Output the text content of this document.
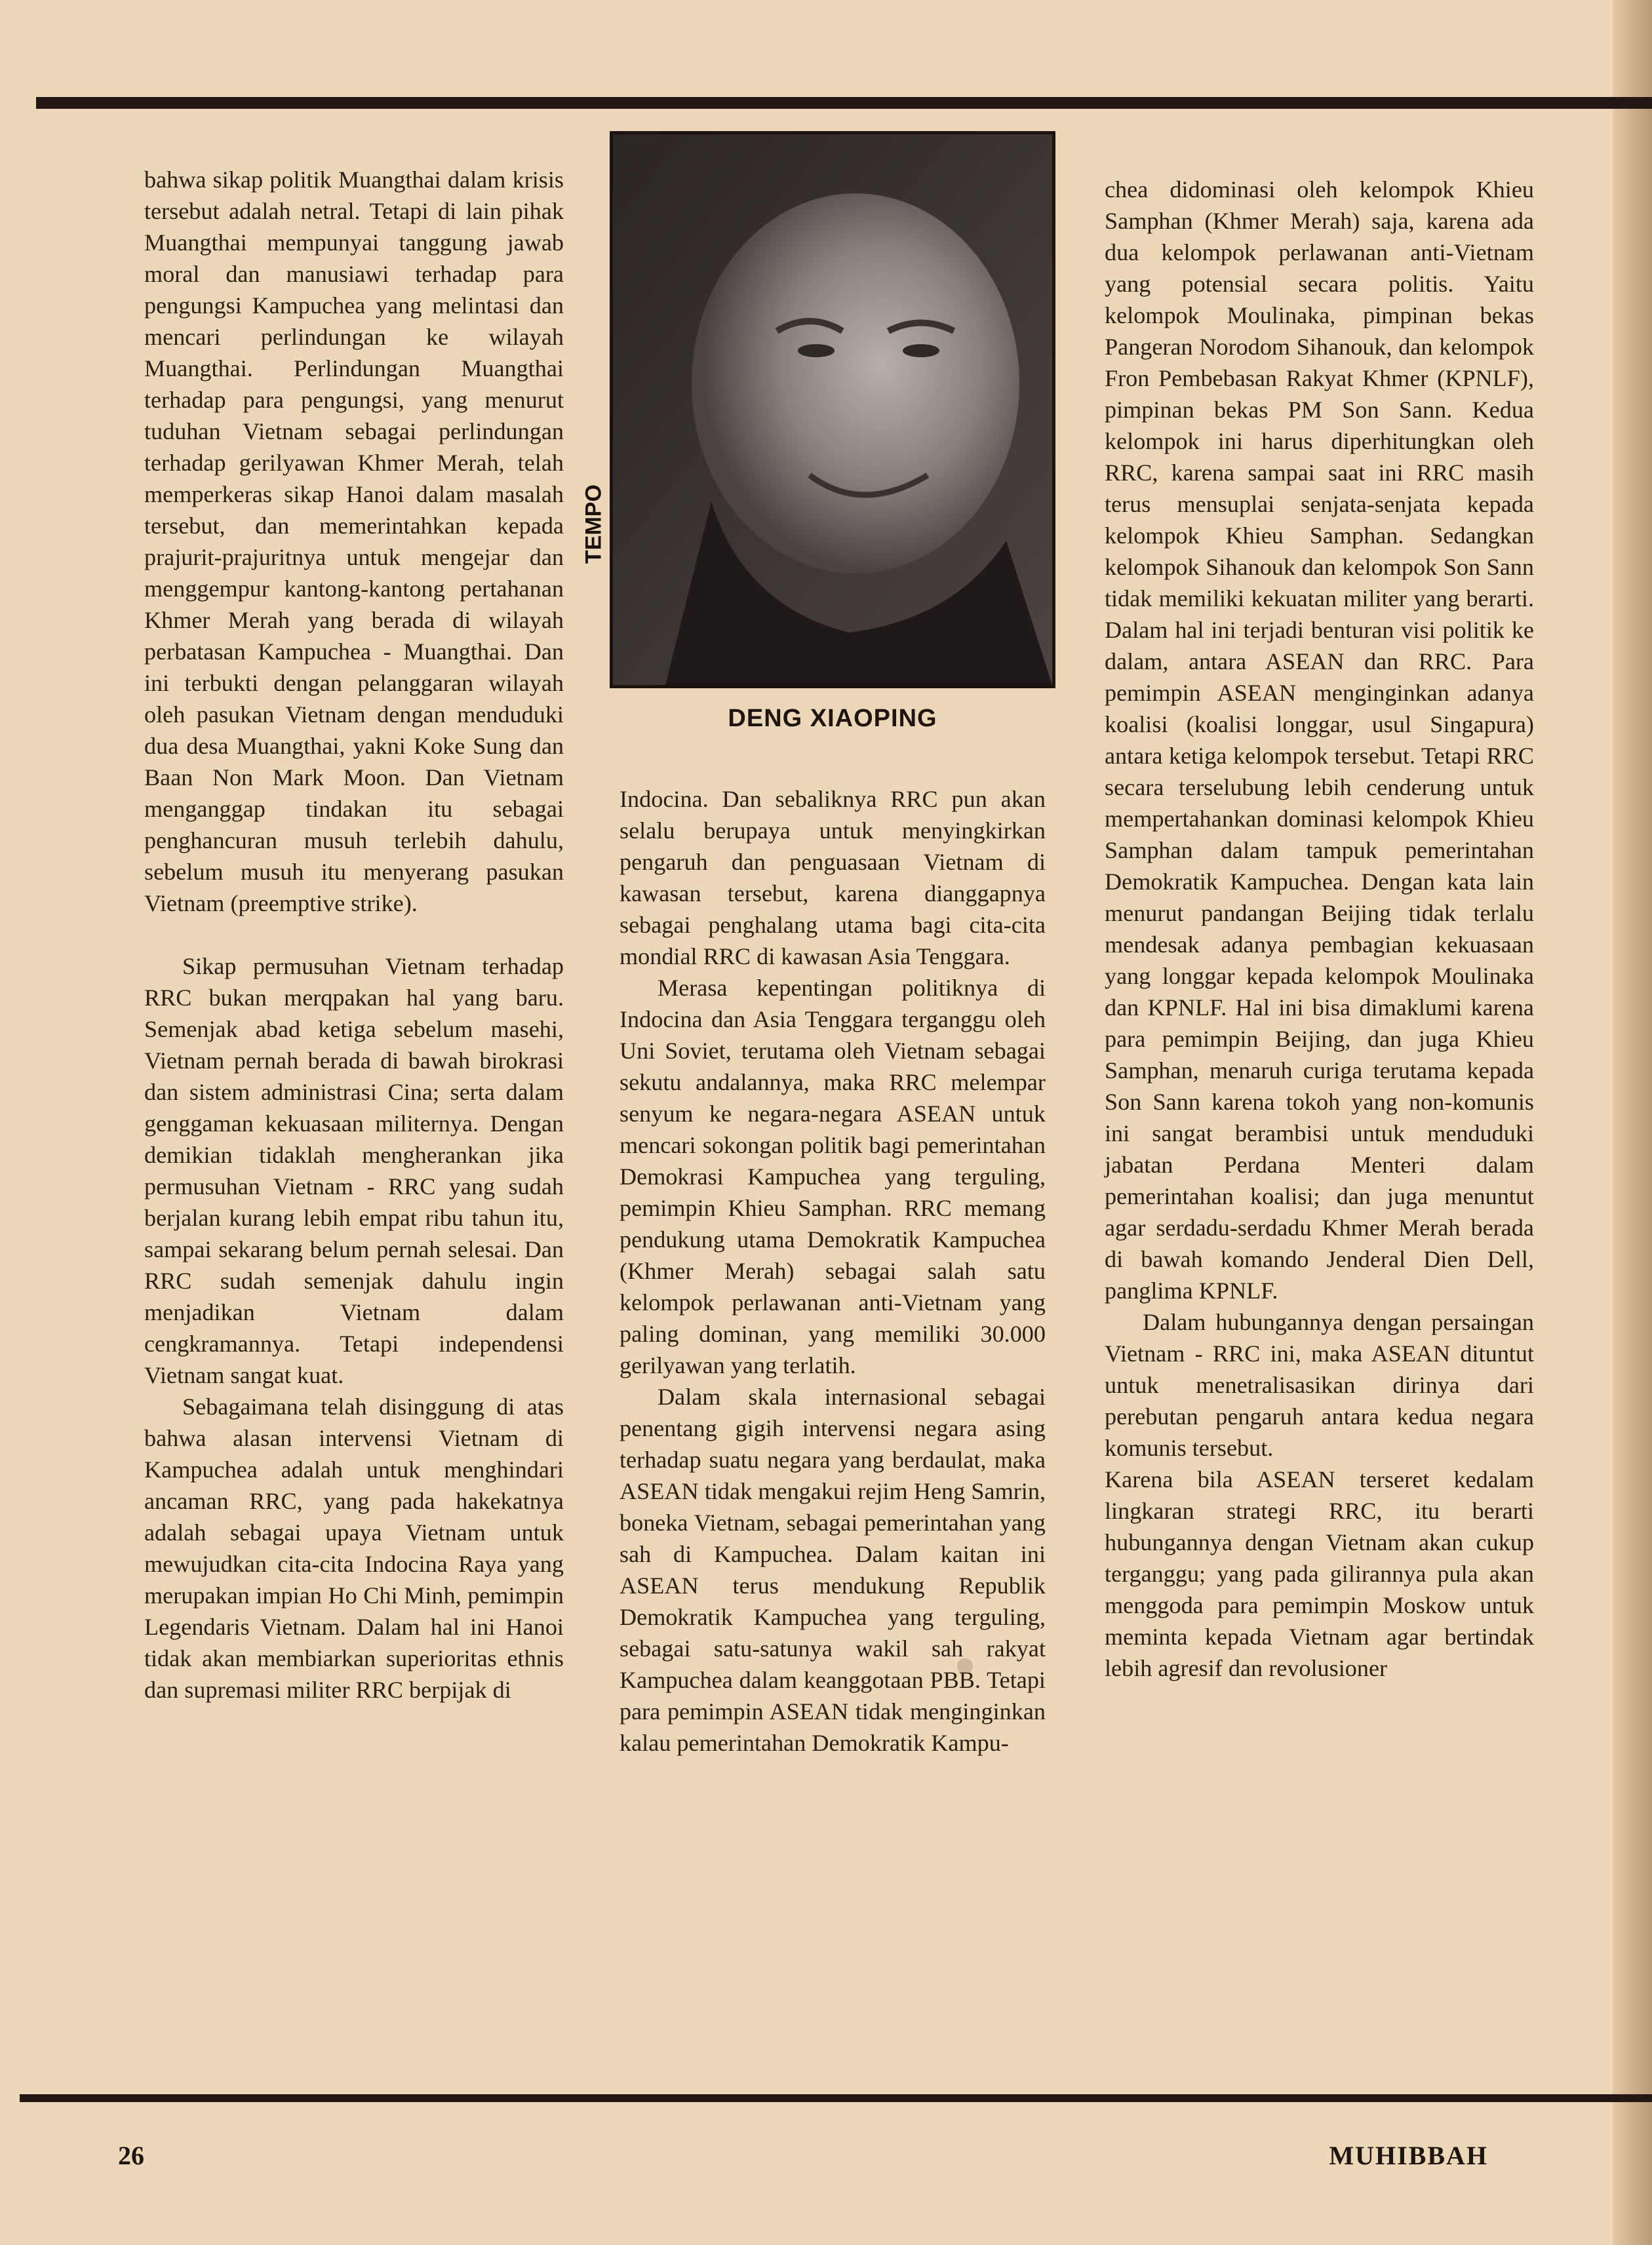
bahwa sikap politik Muangthai dalam krisis tersebut adalah netral. Tetapi di lain pihak Muangthai mempunyai tanggung jawab moral dan manusiawi terhadap para pengungsi Kampuchea yang melintasi dan mencari perlindungan ke wilayah Muangthai. Perlindungan Muangthai terhadap para pengungsi, yang menurut tuduhan Vietnam sebagai perlindungan terhadap gerilyawan Khmer Merah, telah memperkeras sikap Hanoi dalam masalah tersebut, dan memerintahkan kepada prajurit-prajuritnya untuk mengejar dan menggempur kantong-kantong pertahanan Khmer Merah yang berada di wilayah perbatasan Kampuchea - Muangthai. Dan ini terbukti dengan pelanggaran wilayah oleh pasukan Vietnam dengan menduduki dua desa Muangthai, yakni Koke Sung dan Baan Non Mark Moon. Dan Vietnam menganggap tindakan itu sebagai penghancuran musuh terlebih dahulu, sebelum musuh itu menyerang pasukan Vietnam (preemptive strike).

Sikap permusuhan Vietnam terhadap RRC bukan merqpakan hal yang baru. Semenjak abad ketiga sebelum masehi, Vietnam pernah berada di bawah birokrasi dan sistem administrasi Cina; serta dalam genggaman kekuasaan militernya. Dengan demikian tidaklah mengherankan jika permusuhan Vietnam - RRC yang sudah berjalan kurang lebih empat ribu tahun itu, sampai sekarang belum pernah selesai. Dan RRC sudah semenjak dahulu ingin menjadikan Vietnam dalam cengkramannya. Tetapi independensi Vietnam sangat kuat.

Sebagaimana telah disinggung di atas bahwa alasan intervensi Vietnam di Kampuchea adalah untuk menghindari ancaman RRC, yang pada hakekatnya adalah sebagai upaya Vietnam untuk mewujudkan cita-cita Indocina Raya yang merupakan impian Ho Chi Minh, pemimpin Legendaris Vietnam. Dalam hal ini Hanoi tidak akan membiarkan superioritas ethnis dan supremasi militer RRC berpijak di

TEMPO
DENG XIAOPING

Indocina. Dan sebaliknya RRC pun akan selalu berupaya untuk menyingkirkan pengaruh dan penguasaan Vietnam di kawasan tersebut, karena dianggapnya sebagai penghalang utama bagi cita-cita mondial RRC di kawasan Asia Tenggara.

Merasa kepentingan politiknya di Indocina dan Asia Tenggara terganggu oleh Uni Soviet, terutama oleh Vietnam sebagai sekutu andalannya, maka RRC melempar senyum ke negara-negara ASEAN untuk mencari sokongan politik bagi pemerintahan Demokrasi Kampuchea yang terguling, pemimpin Khieu Samphan. RRC memang pendukung utama Demokratik Kampuchea (Khmer Merah) sebagai salah satu kelompok perlawanan anti-Vietnam yang paling dominan, yang memiliki 30.000 gerilyawan yang terlatih.

Dalam skala internasional sebagai penentang gigih intervensi negara asing terhadap suatu negara yang berdaulat, maka ASEAN tidak mengakui rejim Heng Samrin, boneka Vietnam, sebagai pemerintahan yang sah di Kampuchea. Dalam kaitan ini ASEAN terus mendukung Republik Demokratik Kampuchea yang terguling, sebagai satu-satunya wakil sah rakyat Kampuchea dalam keanggotaan PBB. Tetapi para pemimpin ASEAN tidak menginginkan kalau pemerintahan Demokratik Kampu-

chea didominasi oleh kelompok Khieu Samphan (Khmer Merah) saja, karena ada dua kelompok perlawanan anti-Vietnam yang potensial secara politis. Yaitu kelompok Moulinaka, pimpinan bekas Pangeran Norodom Sihanouk, dan kelompok Fron Pembebasan Rakyat Khmer (KPNLF), pimpinan bekas PM Son Sann. Kedua kelompok ini harus diperhitungkan oleh RRC, karena sampai saat ini RRC masih terus mensuplai senjata-senjata kepada kelompok Khieu Samphan. Sedangkan kelompok Sihanouk dan kelompok Son Sann tidak memiliki kekuatan militer yang berarti. Dalam hal ini terjadi benturan visi politik ke dalam, antara ASEAN dan RRC. Para pemimpin ASEAN menginginkan adanya koalisi (koalisi longgar, usul Singapura) antara ketiga kelompok tersebut. Tetapi RRC secara terselubung lebih cenderung untuk mempertahankan dominasi kelompok Khieu Samphan dalam tampuk pemerintahan Demokratik Kampuchea. Dengan kata lain menurut pandangan Beijing tidak terlalu mendesak adanya pembagian kekuasaan yang longgar kepada kelompok Moulinaka dan KPNLF. Hal ini bisa dimaklumi karena para pemimpin Beijing, dan juga Khieu Samphan, menaruh curiga terutama kepada Son Sann karena tokoh yang non-komunis ini sangat berambisi untuk menduduki jabatan Perdana Menteri dalam pemerintahan koalisi; dan juga menuntut agar serdadu-serdadu Khmer Merah berada di bawah komando Jenderal Dien Dell, panglima KPNLF.

Dalam hubungannya dengan persaingan Vietnam - RRC ini, maka ASEAN dituntut untuk menetralisasikan dirinya dari perebutan pengaruh antara kedua negara komunis tersebut.

Karena bila ASEAN terseret kedalam lingkaran strategi RRC, itu berarti hubungannya dengan Vietnam akan cukup terganggu; yang pada gilirannya pula akan menggoda para pemimpin Moskow untuk meminta kepada Vietnam agar bertindak lebih agresif dan revolusioner

26	MUHIBBAH
